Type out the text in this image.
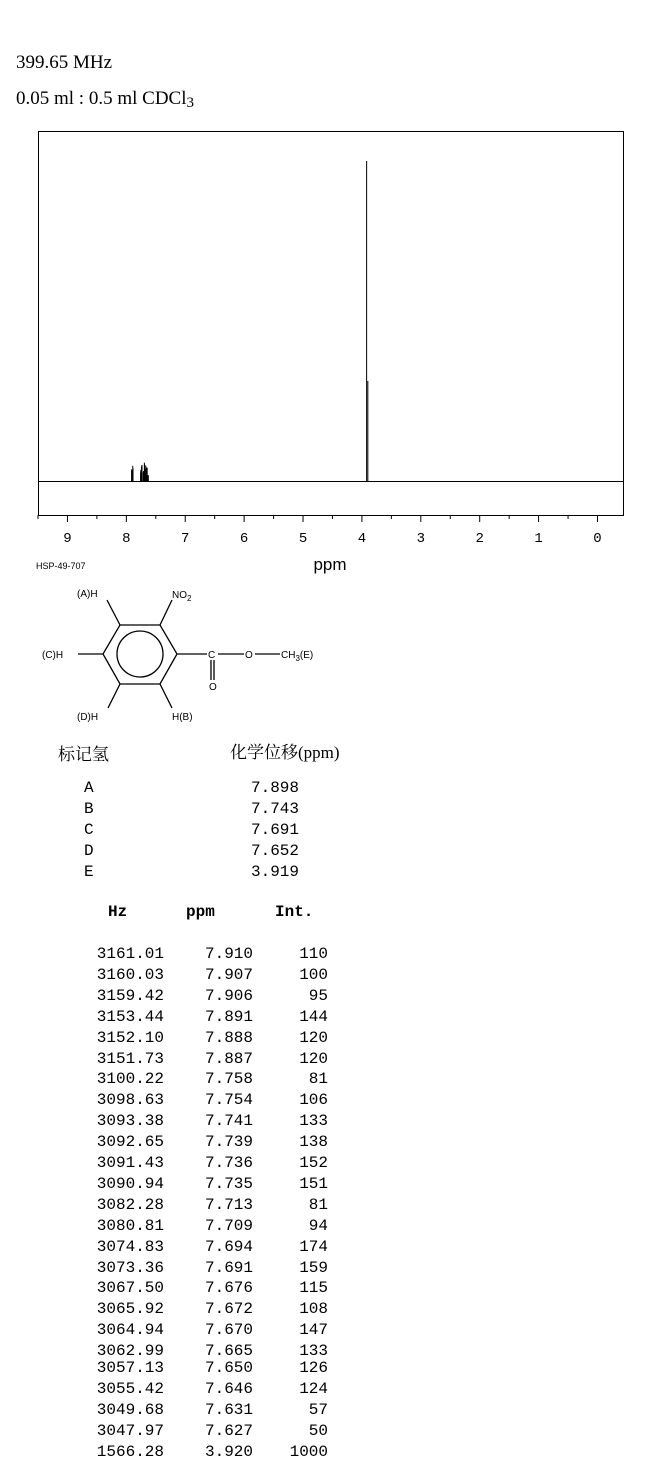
399.65 MHz
0.05 ml : 0.5 ml CDCl$_3$
9	8	7	6	5	4	3	2	1	0
ppm
HSP-49-707
(A)H	$NO_2$
(C)H	C	O	$CH_3(E)$
O
(D)H	H(B)
标记氢	化学位移(ppm)
A	7.898
B	7.743
C	7.691
D	7.652
E	3.919
Hz	ppm	Int.
3161.01	7.910	110
3160.03	7.907	100
3159.42	7.906	95
3153.44	7.891	144
3152.10	7.888	120
3151.73	7.887	120
3100.22	7.758	81
3098.63	7.754	106
3093.38	7.741	133
3092.65	7.739	138
3091.43	7.736	152
3090.94	7.735	151
3082.28	7.713	81
3080.81	7.709	94
3074.83	7.694	174
3073.36	7.691	159
3067.50	7.676	115
3065.92	7.672	108
3064.94	7.670	147
3062.99	7.665	133
3057.13	7.650	126
3055.42	7.646	124
3049.68	7.631	57
3047.97	7.627	50
1566.28	3.920	1000
